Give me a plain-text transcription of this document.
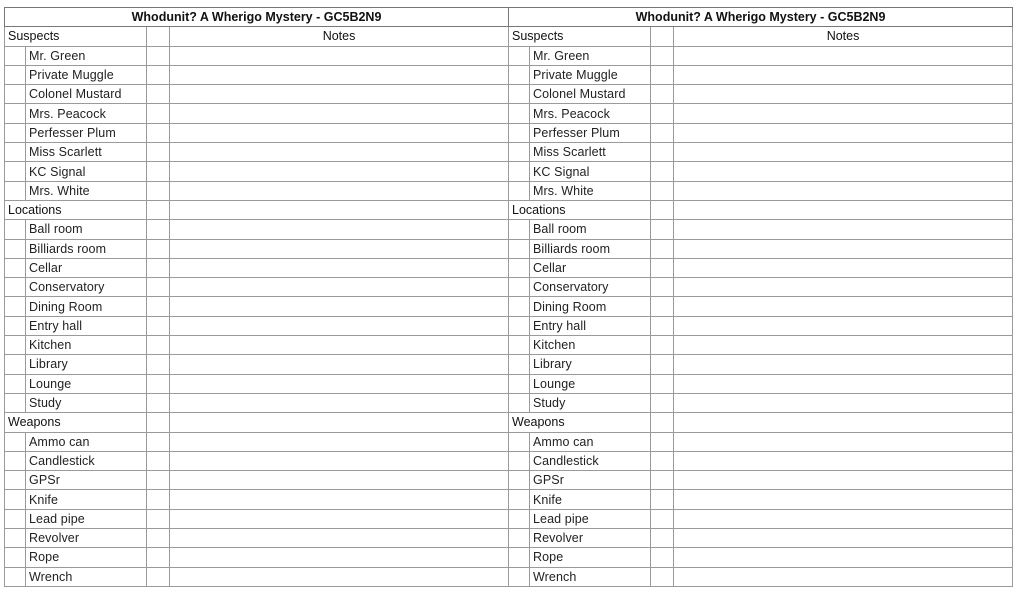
Whodunit? A Wherigo Mystery - GC5B2N9			
Suspects			Notes
	Mr. Green		
	Private Muggle		
	Colonel Mustard		
	Mrs. Peacock		
	Perfesser Plum		
	Miss Scarlett		
	KC Signal		
	Mrs. White		
Locations			
	Ball room		
	Billiards room		
	Cellar		
	Conservatory		
	Dining Room		
	Entry hall		
	Kitchen		
	Library		
	Lounge		
	Study		
Weapons			
	Ammo can		
	Candlestick		
	GPSr		
	Knife		
	Lead pipe		
	Revolver		
	Rope		
	Wrench		
Whodunit? A Wherigo Mystery - GC5B2N9			
Suspects			Notes
	Mr. Green		
	Private Muggle		
	Colonel Mustard		
	Mrs. Peacock		
	Perfesser Plum		
	Miss Scarlett		
	KC Signal		
	Mrs. White		
Locations			
	Ball room		
	Billiards room		
	Cellar		
	Conservatory		
	Dining Room		
	Entry hall		
	Kitchen		
	Library		
	Lounge		
	Study		
Weapons			
	Ammo can		
	Candlestick		
	GPSr		
	Knife		
	Lead pipe		
	Revolver		
	Rope		
	Wrench		
